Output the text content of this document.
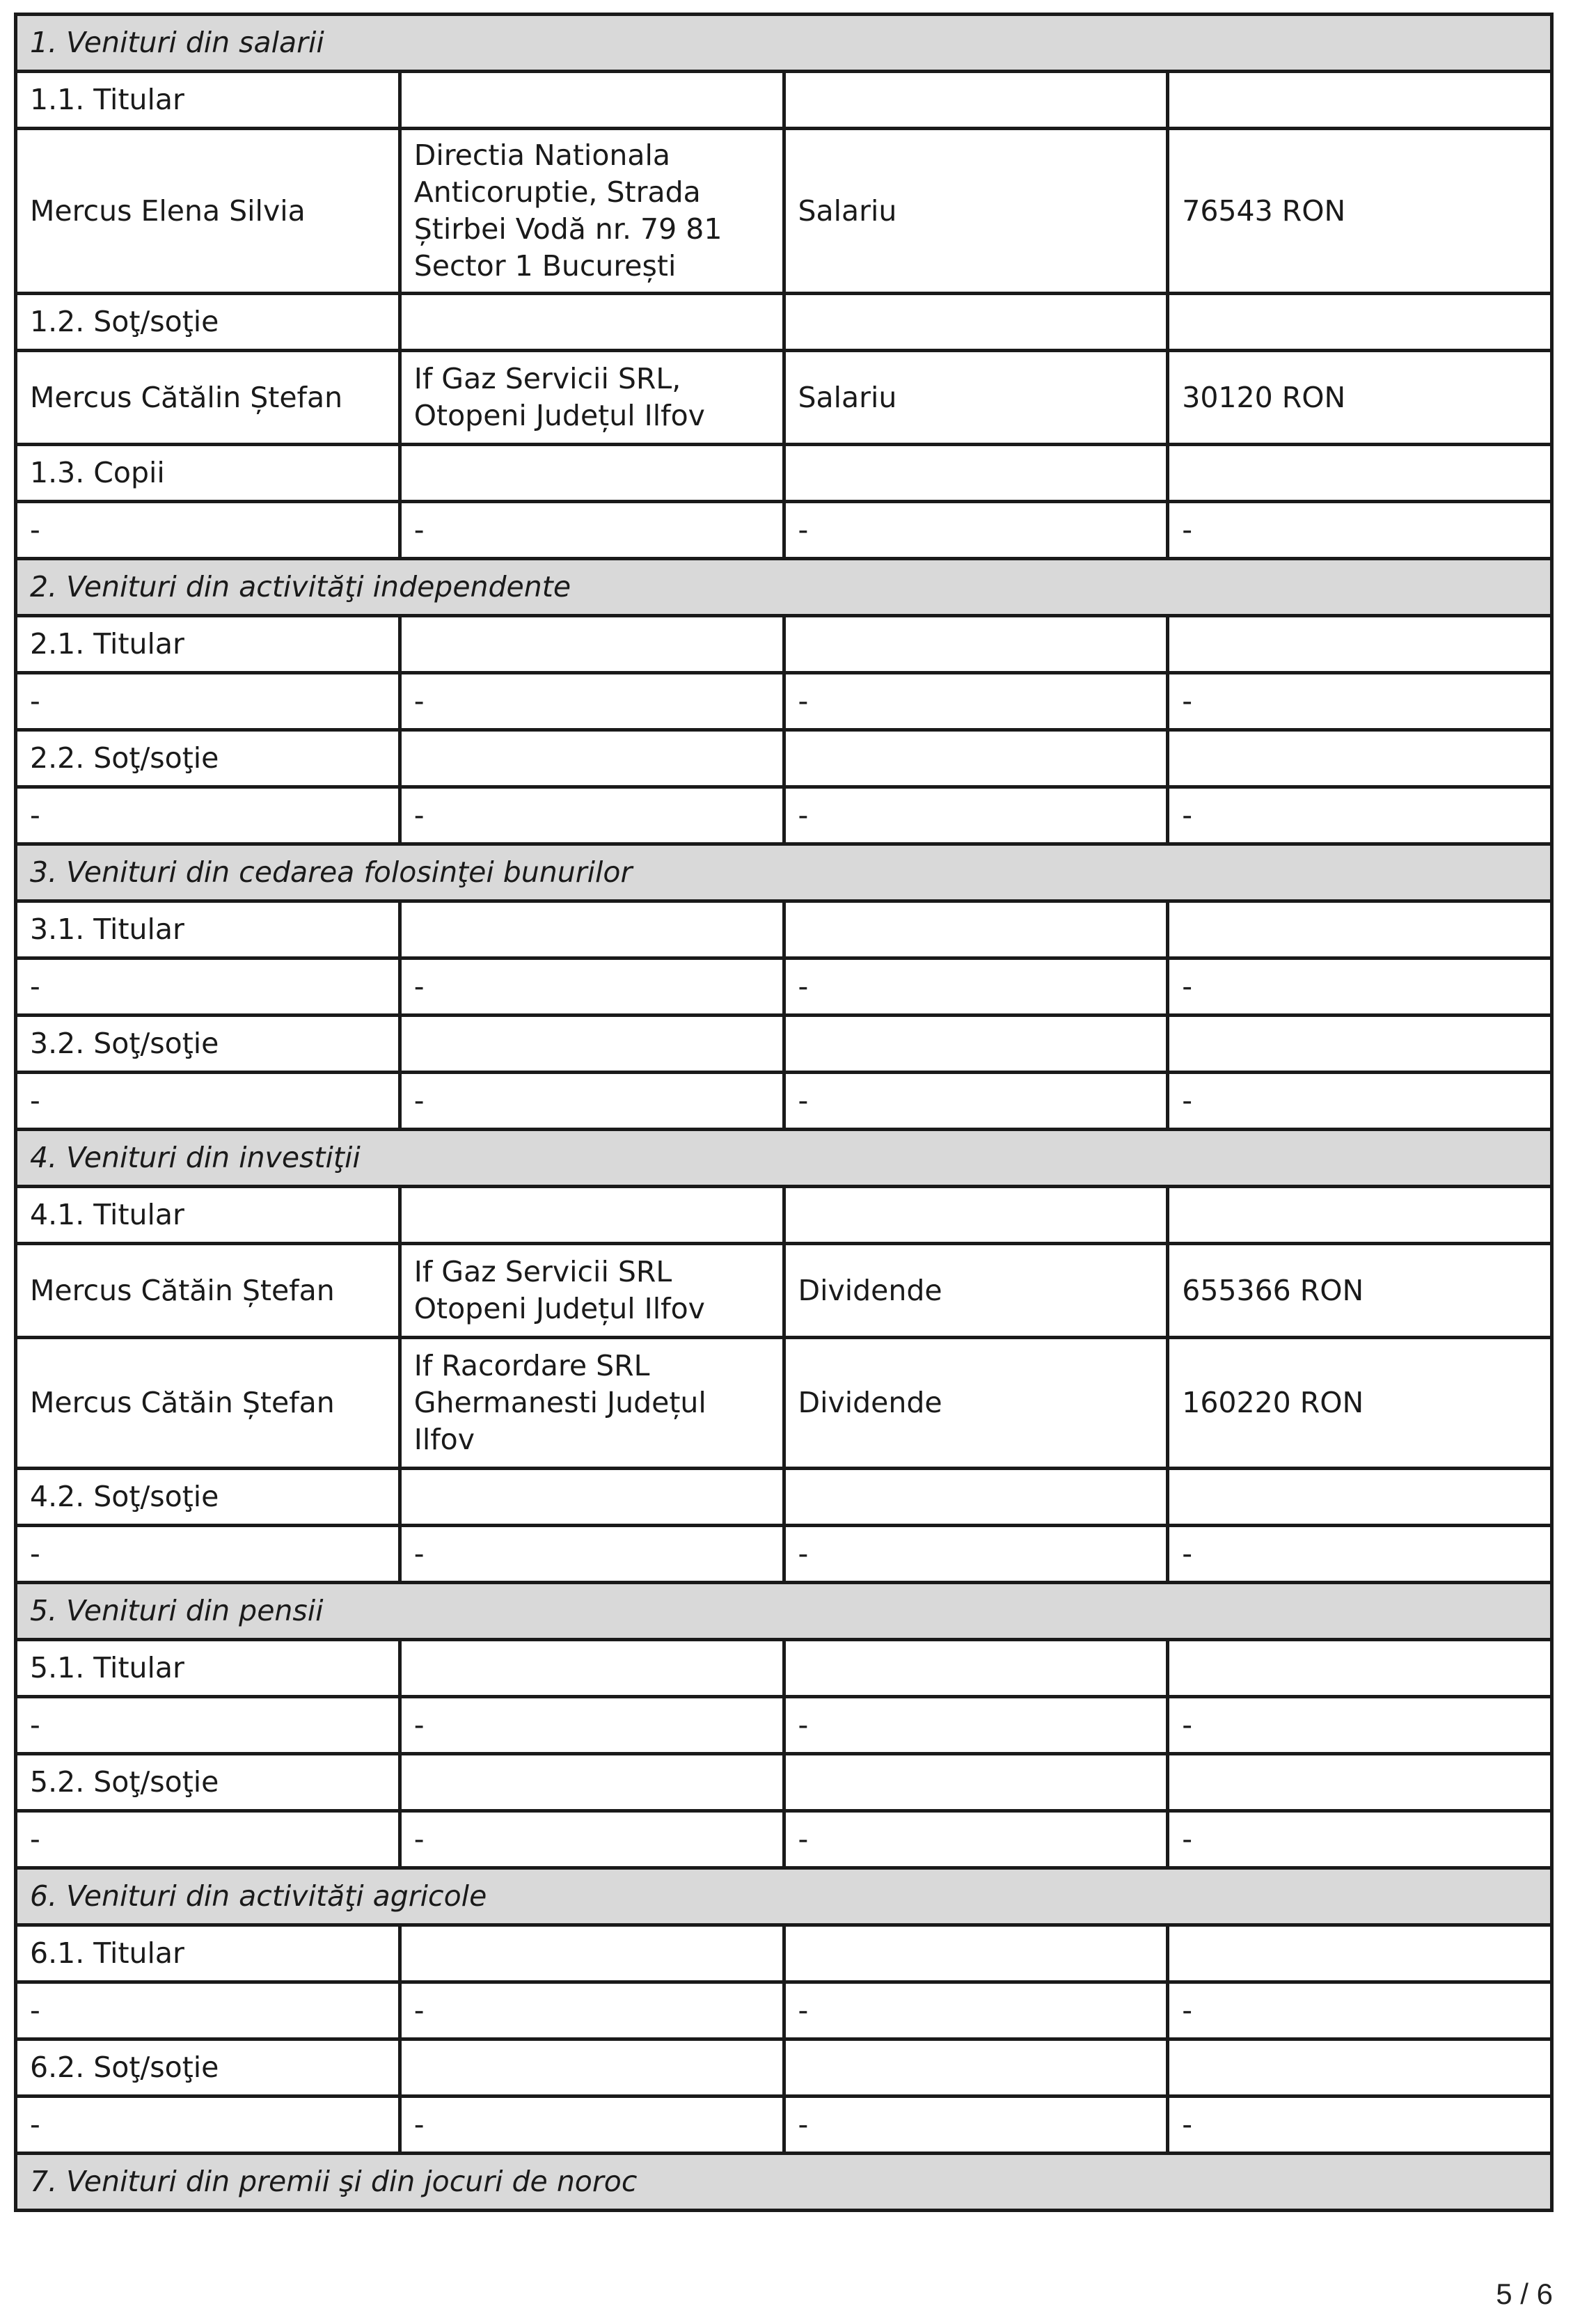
1. Venituri din salarii			
1.1. Titular			
Mercus Elena Silvia	Directia Nationala Anticoruptie, Strada Știrbei Vodă nr. 79 81 Sector 1 București	Salariu	76543 RON
1.2. Soţ/soţie			
Mercus Cătălin Ștefan	If Gaz Servicii SRL, Otopeni Județul Ilfov	Salariu	30120 RON
1.3. Copii			
-	-	-	-
2. Venituri din activităţi independente			
2.1. Titular			
-	-	-	-
2.2. Soţ/soţie			
-	-	-	-
3. Venituri din cedarea folosinţei bunurilor			
3.1. Titular			
-	-	-	-
3.2. Soţ/soţie			
-	-	-	-
4. Venituri din investiţii			
4.1. Titular			
Mercus Cătăin Ștefan	If Gaz Servicii SRL Otopeni Județul Ilfov	Dividende	655366 RON
Mercus Cătăin Ștefan	If Racordare SRL Ghermanesti Județul Ilfov	Dividende	160220 RON
4.2. Soţ/soţie			
-	-	-	-
5. Venituri din pensii			
5.1. Titular			
-	-	-	-
5.2. Soţ/soţie			
-	-	-	-
6. Venituri din activităţi agricole			
6.1. Titular			
-	-	-	-
6.2. Soţ/soţie			
-	-	-	-
7. Venituri din premii şi din jocuri de noroc			
5 / 6
